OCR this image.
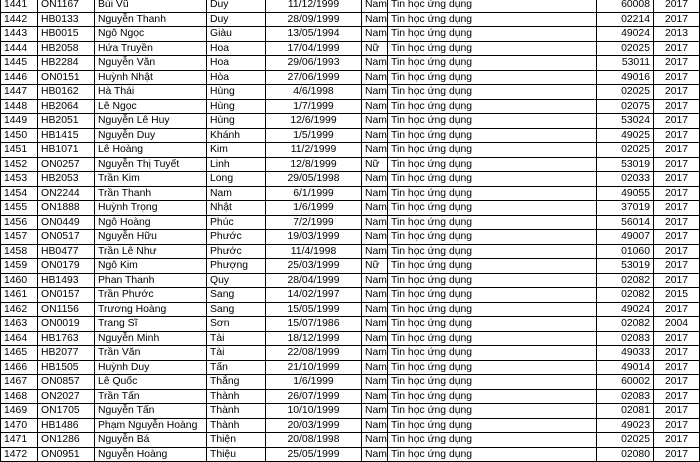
1441	ON1167	Bùi Vũ	Duy	11/12/1999	Nam	Tin học ứng dụng	60008	2017
1442	HB0133	Nguyễn Thanh	Duy	28/09/1999	Nam	Tin học ứng dụng	02214	2017
1443	HB0015	Ngô Ngọc	Giàu	13/05/1994	Nam	Tin học ứng dụng	49024	2013
1444	HB2058	Hứa Truyền	Hoa	17/04/1999	Nữ	Tin học ứng dụng	02025	2017
1445	HB2284	Nguyễn Văn	Hoa	29/06/1993	Nam	Tin học ứng dụng	53011	2017
1446	ON0151	Huỳnh Nhật	Hòa	27/06/1999	Nam	Tin học ứng dụng	49016	2017
1447	HB0162	Hà Thái	Hùng	4/6/1998	Nam	Tin học ứng dụng	02025	2017
1448	HB2064	Lê Ngọc	Hùng	1/7/1999	Nam	Tin học ứng dụng	02075	2017
1449	HB2051	Nguyễn Lê Huy	Hùng	12/6/1999	Nam	Tin học ứng dụng	53024	2017
1450	HB1415	Nguyễn Duy	Khánh	1/5/1999	Nam	Tin học ứng dụng	49025	2017
1451	HB1071	Lê Hoàng	Kim	11/2/1999	Nam	Tin học ứng dụng	02025	2017
1452	ON0257	Nguyễn Thị Tuyết	Linh	12/8/1999	Nữ	Tin học ứng dụng	53019	2017
1453	HB2053	Trần Kim	Long	29/05/1998	Nam	Tin học ứng dụng	02033	2017
1454	ON2244	Trần Thanh	Nam	6/1/1999	Nam	Tin học ứng dụng	49055	2017
1455	ON1888	Huỳnh Trọng	Nhật	1/6/1999	Nam	Tin học ứng dụng	37019	2017
1456	ON0449	Ngô Hoàng	Phúc	7/2/1999	Nam	Tin học ứng dụng	56014	2017
1457	ON0517	Nguyễn Hữu	Phước	19/03/1999	Nam	Tin học ứng dụng	49007	2017
1458	HB0477	Trần Lê Như	Phước	11/4/1998	Nam	Tin học ứng dụng	01060	2017
1459	ON0179	Ngô Kim	Phượng	25/03/1999	Nữ	Tin học ứng dụng	53019	2017
1460	HB1493	Phan Thanh	Quy	28/04/1999	Nam	Tin học ứng dụng	02082	2017
1461	ON0157	Trần Phước	Sang	14/02/1997	Nam	Tin học ứng dụng	02082	2015
1462	ON1156	Trương Hoàng	Sang	15/05/1999	Nam	Tin học ứng dụng	49024	2017
1463	ON0019	Trang Sĩ	Sơn	15/07/1986	Nam	Tin học ứng dụng	02082	2004
1464	HB1763	Nguyễn Minh	Tài	18/12/1999	Nam	Tin học ứng dụng	02083	2017
1465	HB2077	Trần Văn	Tài	22/08/1999	Nam	Tin học ứng dụng	49033	2017
1466	HB1505	Huỳnh Duy	Tấn	21/10/1999	Nam	Tin học ứng dụng	49014	2017
1467	ON0857	Lê Quốc	Thắng	1/6/1999	Nam	Tin học ứng dụng	60002	2017
1468	ON2027	Trần Tấn	Thành	26/07/1999	Nam	Tin học ứng dụng	02083	2017
1469	ON1705	Nguyễn Tấn	Thành	10/10/1999	Nam	Tin học ứng dụng	02081	2017
1470	HB1486	Phạm Nguyễn Hoàng	Thành	20/03/1999	Nam	Tin học ứng dụng	49023	2017
1471	ON1286	Nguyễn Bá	Thiện	20/08/1998	Nam	Tin học ứng dụng	02025	2017
1472	ON0951	Nguyễn Hoàng	Thiệu	25/05/1999	Nam	Tin học ứng dụng	02080	2017
